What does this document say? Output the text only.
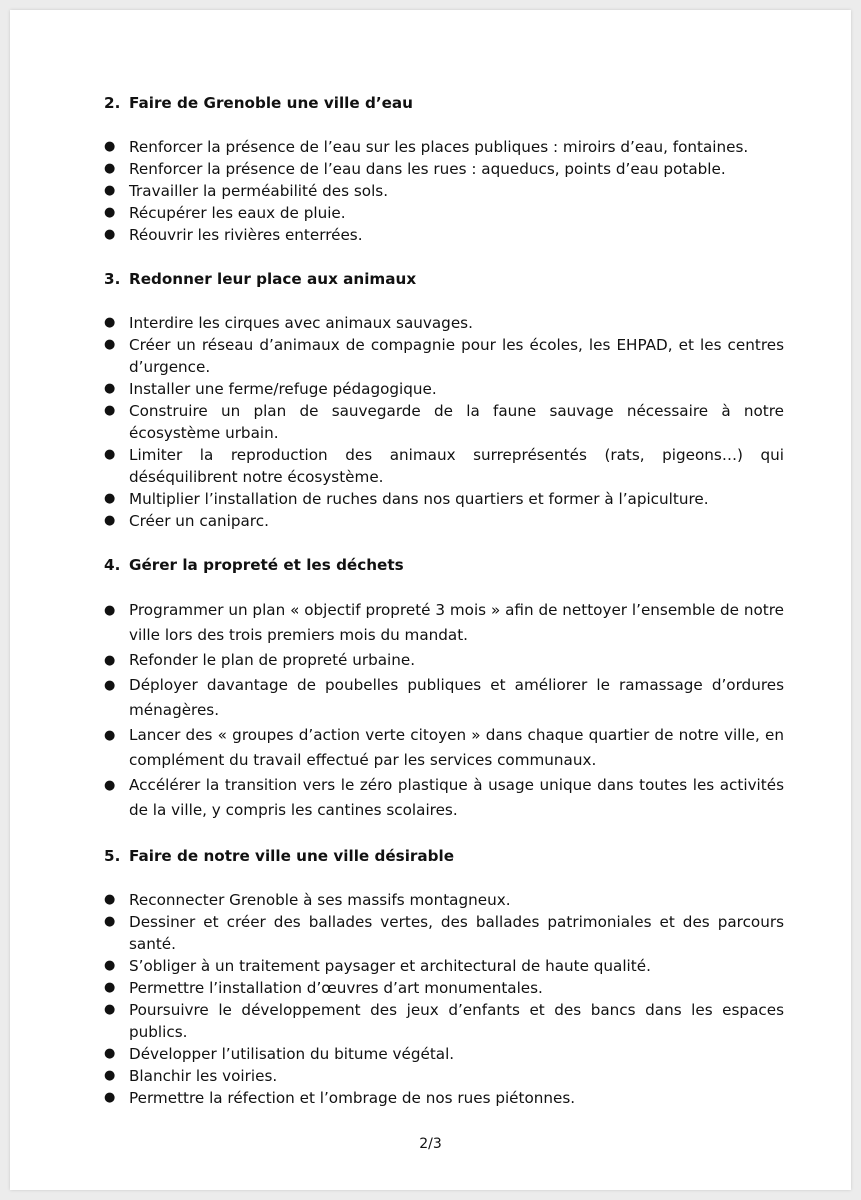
2. Faire de Grenoble une ville d’eau
● Renforcer la présence de l’eau sur les places publiques : miroirs d’eau, fontaines.
● Renforcer la présence de l’eau dans les rues : aqueducs, points d’eau potable.
● Travailler la perméabilité des sols.
● Récupérer les eaux de pluie.
● Réouvrir les rivières enterrées.
3. Redonner leur place aux animaux
● Interdire les cirques avec animaux sauvages.
● Créer un réseau d’animaux de compagnie pour les écoles, les EHPAD, et les centres d’urgence.
● Installer une ferme/refuge pédagogique.
● Construire un plan de sauvegarde de la faune sauvage nécessaire à notre écosystème urbain.
● Limiter la reproduction des animaux surreprésentés (rats, pigeons…) qui déséquilibrent notre écosystème.
● Multiplier l’installation de ruches dans nos quartiers et former à l’apiculture.
● Créer un caniparc.
4. Gérer la propreté et les déchets
● Programmer un plan « objectif propreté 3 mois » afin de nettoyer l’ensemble de notre ville lors des trois premiers mois du mandat.
● Refonder le plan de propreté urbaine.
● Déployer davantage de poubelles publiques et améliorer le ramassage d’ordures ménagères.
● Lancer des « groupes d’action verte citoyen » dans chaque quartier de notre ville, en complément du travail effectué par les services communaux.
● Accélérer la transition vers le zéro plastique à usage unique dans toutes les activités de la ville, y compris les cantines scolaires.
5. Faire de notre ville une ville désirable
● Reconnecter Grenoble à ses massifs montagneux.
● Dessiner et créer des ballades vertes, des ballades patrimoniales et des parcours santé.
● S’obliger à un traitement paysager et architectural de haute qualité.
● Permettre l’installation d’œuvres d’art monumentales.
● Poursuivre le développement des jeux d’enfants et des bancs dans les espaces publics.
● Développer l’utilisation du bitume végétal.
● Blanchir les voiries.
● Permettre la réfection et l’ombrage de nos rues piétonnes.
2/3
